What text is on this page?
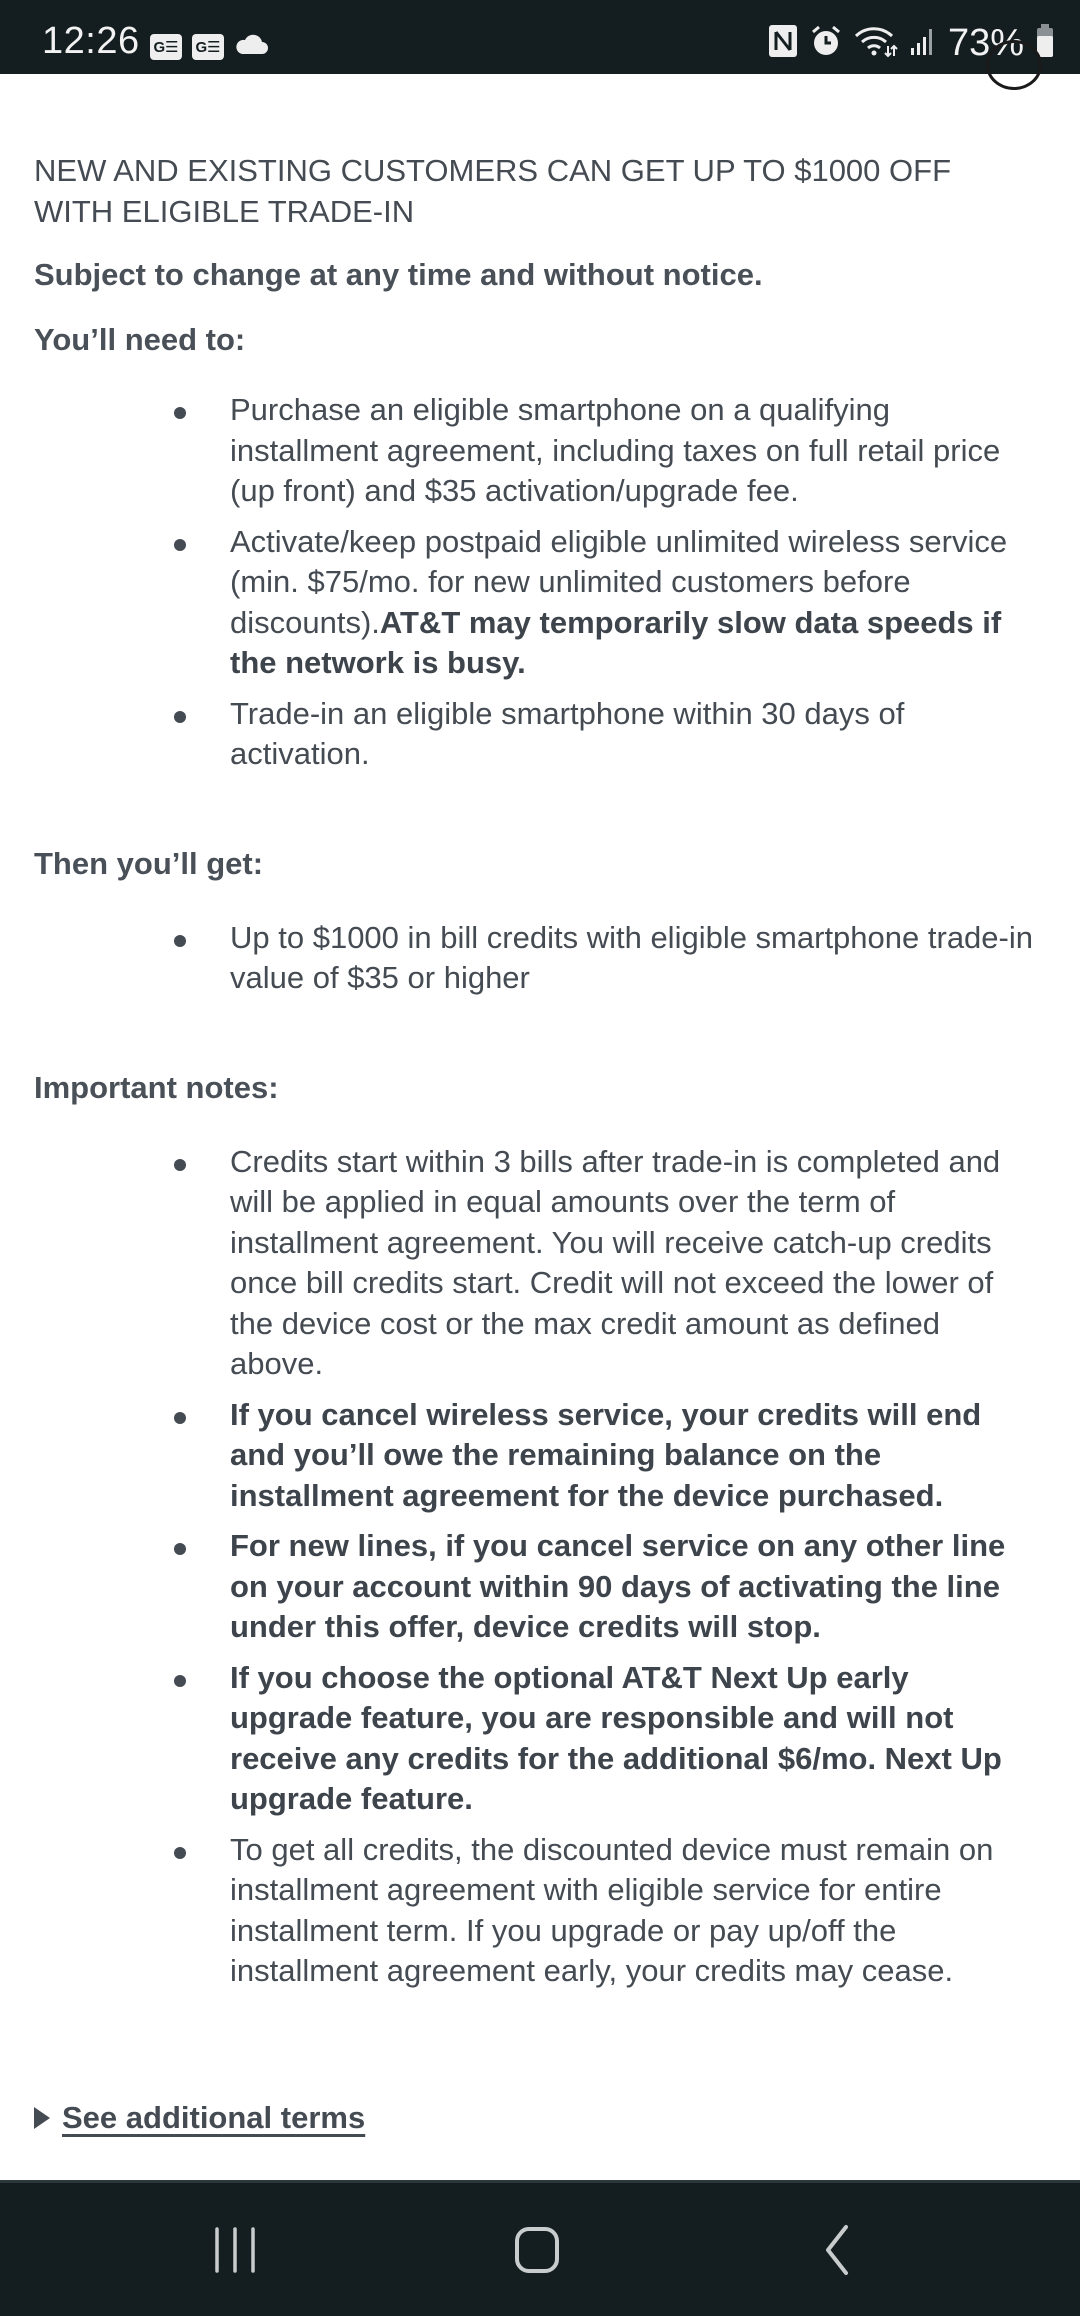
12:26 G☰ G☰	73%
NEW AND EXISTING CUSTOMERS CAN GET UP TO $1000 OFF WITH ELIGIBLE TRADE-IN

Subject to change at any time and without notice.

You’ll need to:

Purchase an eligible smartphone on a qualifying installment agreement, including taxes on full retail price (up front) and $35 activation/upgrade fee.
Activate/keep postpaid eligible unlimited wireless service (min. $75/mo. for new unlimited customers before discounts).AT&T may temporarily slow data speeds if the network is busy.
Trade-in an eligible smartphone within 30 days of activation.

Then you’ll get:

Up to $1000 in bill credits with eligible smartphone trade-in value of $35 or higher

Important notes:

Credits start within 3 bills after trade-in is completed and will be applied in equal amounts over the term of installment agreement. You will receive catch-up credits once bill credits start. Credit will not exceed the lower of the device cost or the max credit amount as defined above.
If you cancel wireless service, your credits will end and you’ll owe the remaining balance on the installment agreement for the device purchased.
For new lines, if you cancel service on any other line on your account within 90 days of activating the line under this offer, device credits will stop.
If you choose the optional AT&T Next Up early upgrade feature, you are responsible and will not receive any credits for the additional $6/mo. Next Up upgrade feature.
To get all credits, the discounted device must remain on installment agreement with eligible service for entire installment term. If you upgrade or pay up/off the installment agreement early, your credits may cease.
See additional terms
